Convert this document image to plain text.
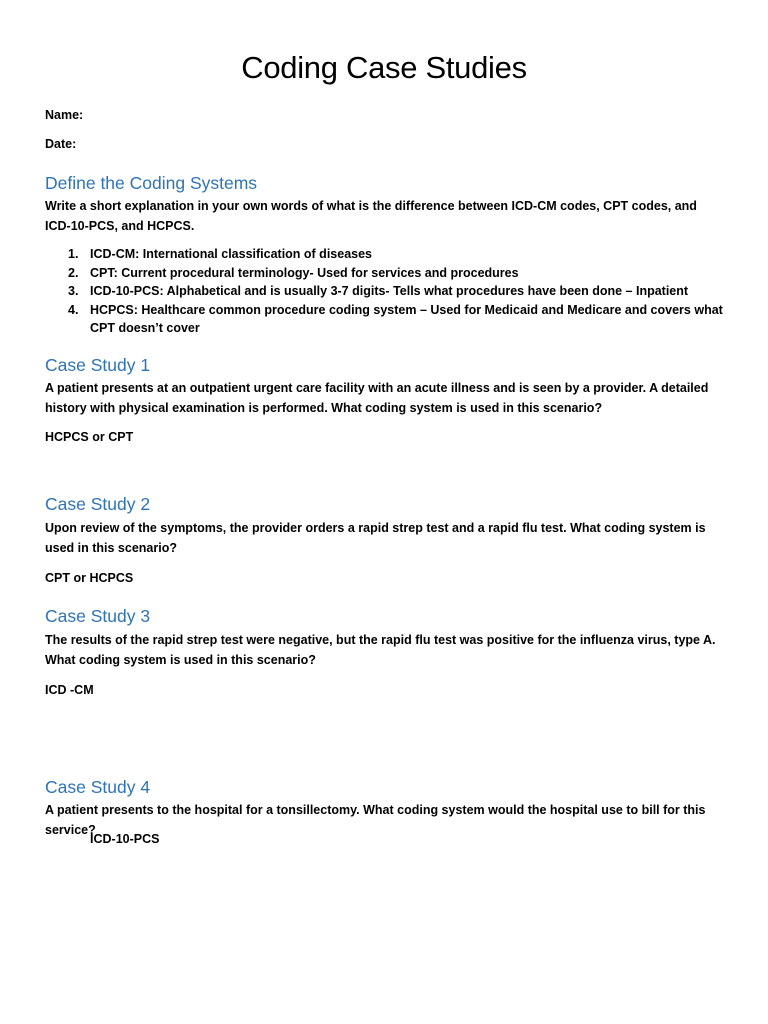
Coding Case Studies
Name:
Date:
Define the Coding Systems
Write a short explanation in your own words of what is the difference between ICD-CM codes, CPT codes, and ICD-10-PCS, and HCPCS.
1. ICD-CM: International classification of diseases
2. CPT: Current procedural terminology- Used for services and procedures
3. ICD-10-PCS: Alphabetical and is usually 3-7 digits- Tells what procedures have been done – Inpatient
4. HCPCS: Healthcare common procedure coding system – Used for Medicaid and Medicare and covers what CPT doesn’t cover
Case Study 1
A patient presents at an outpatient urgent care facility with an acute illness and is seen by a provider. A detailed history with physical examination is performed. What coding system is used in this scenario?
HCPCS or CPT
Case Study 2
Upon review of the symptoms, the provider orders a rapid strep test and a rapid flu test. What coding system is used in this scenario?
CPT or HCPCS
Case Study 3
The results of the rapid strep test were negative, but the rapid flu test was positive for the influenza virus, type A. What coding system is used in this scenario?
ICD -CM
Case Study 4
A patient presents to the hospital for a tonsillectomy. What coding system would the hospital use to bill for this service?
ICD-10-PCS
